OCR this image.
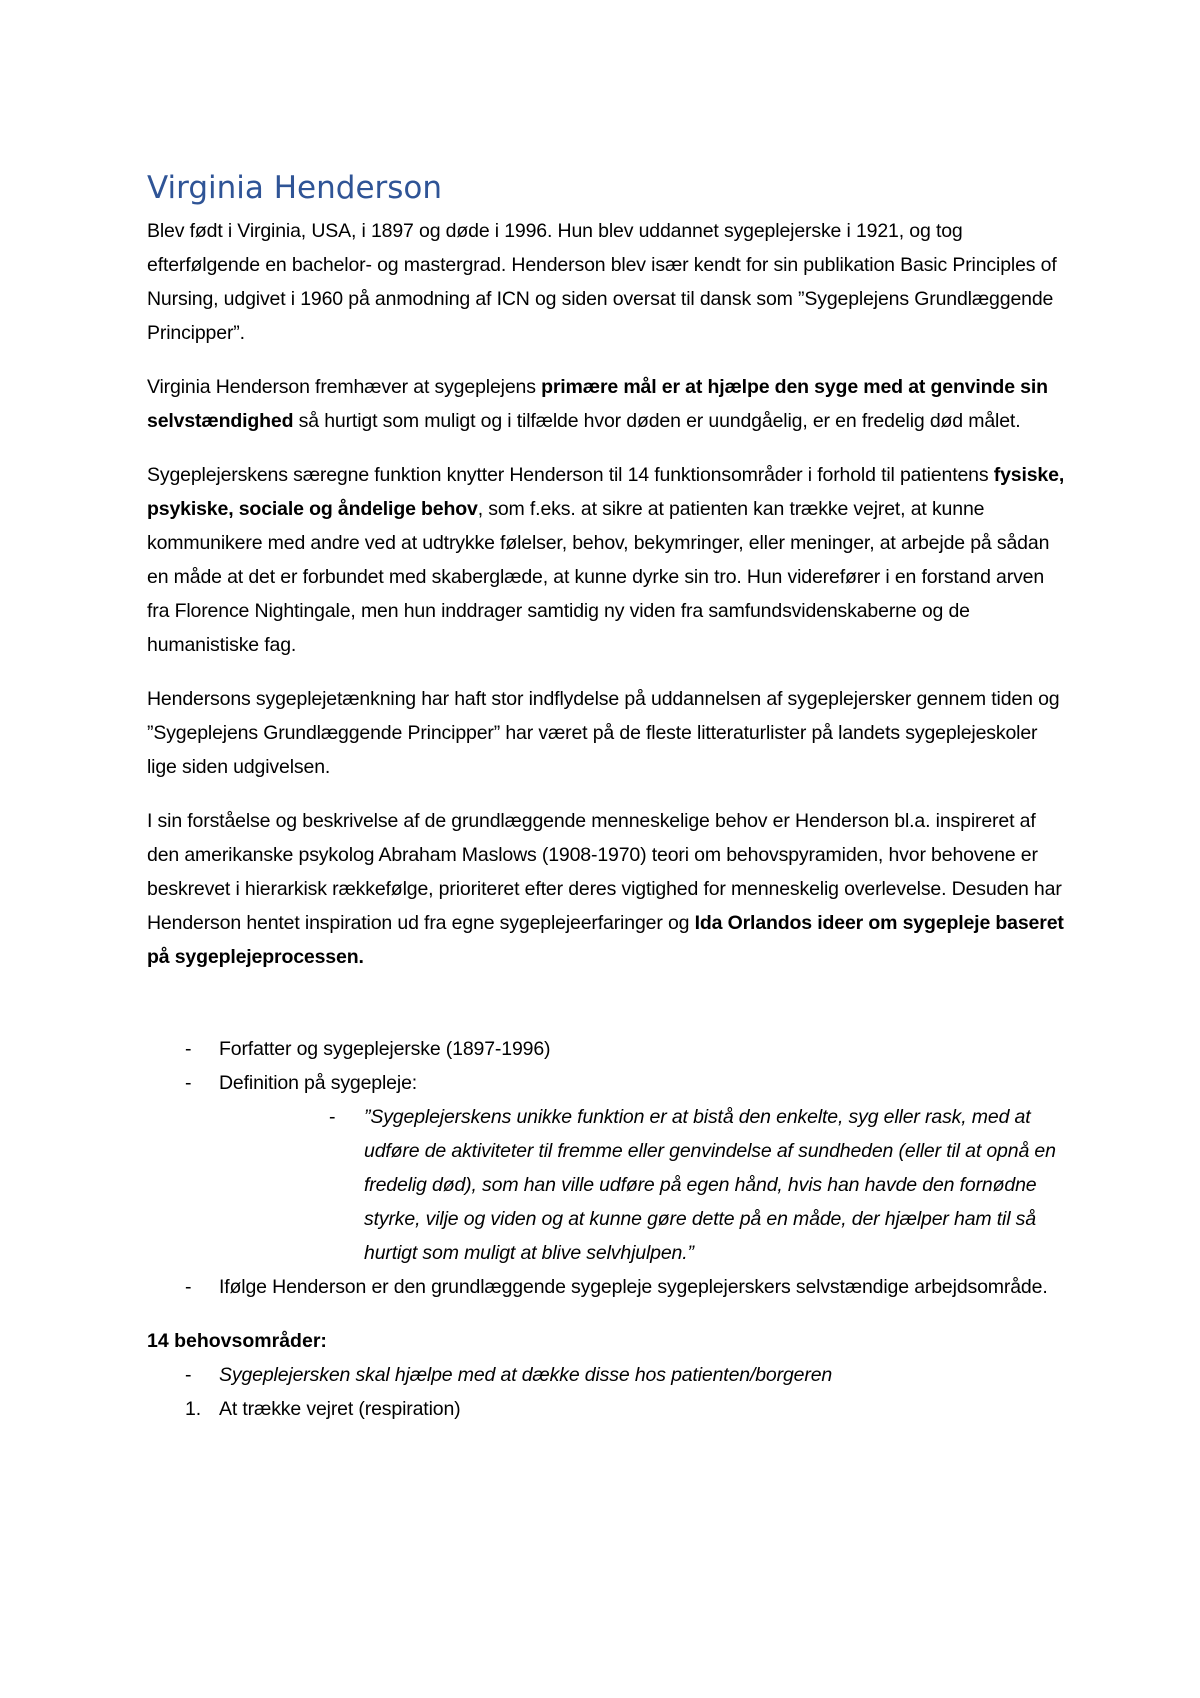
Virginia Henderson

Blev født i Virginia, USA, i 1897 og døde i 1996. Hun blev uddannet sygeplejerske i 1921, og tog efterfølgende en bachelor- og mastergrad. Henderson blev især kendt for sin publikation Basic Principles of Nursing, udgivet i 1960 på anmodning af ICN og siden oversat til dansk som ”Sygeplejens Grundlæggende Principper”.

Virginia Henderson fremhæver at sygeplejens primære mål er at hjælpe den syge med at genvinde sin selvstændighed så hurtigt som muligt og i tilfælde hvor døden er uundgåelig, er en fredelig død målet.

Sygeplejerskens særegne funktion knytter Henderson til 14 funktionsområder i forhold til patientens fysiske, psykiske, sociale og åndelige behov, som f.eks. at sikre at patienten kan trække vejret, at kunne kommunikere med andre ved at udtrykke følelser, behov, bekymringer, eller meninger, at arbejde på sådan en måde at det er forbundet med skaberglæde, at kunne dyrke sin tro. Hun viderefører i en forstand arven fra Florence Nightingale, men hun inddrager samtidig ny viden fra samfundsvidenskaberne og de humanistiske fag.

Hendersons sygeplejetænkning har haft stor indflydelse på uddannelsen af sygeplejersker gennem tiden og ”Sygeplejens Grundlæggende Principper” har været på de fleste litteraturlister på landets sygeplejeskoler lige siden udgivelsen.

I sin forståelse og beskrivelse af de grundlæggende menneskelige behov er Henderson bl.a. inspireret af den amerikanske psykolog Abraham Maslows (1908-1970) teori om behovspyramiden, hvor behovene er beskrevet i hierarkisk rækkefølge, prioriteret efter deres vigtighed for menneskelig overlevelse. Desuden har Henderson hentet inspiration ud fra egne sygeplejeerfaringer og Ida Orlandos ideer om sygepleje baseret på sygeplejeprocessen.

- Forfatter og sygeplejerske (1897-1996)
- Definition på sygepleje:
- ”Sygeplejerskens unikke funktion er at bistå den enkelte, syg eller rask, med at udføre de aktiviteter til fremme eller genvindelse af sundheden (eller til at opnå en fredelig død), som han ville udføre på egen hånd, hvis han havde den fornødne styrke, vilje og viden og at kunne gøre dette på en måde, der hjælper ham til så hurtigt som muligt at blive selvhjulpen.”
- Ifølge Henderson er den grundlæggende sygepleje sygeplejerskers selvstændige arbejdsområde.
14 behovsområder:
- Sygeplejersken skal hjælpe med at dække disse hos patienten/borgeren
1. At trække vejret (respiration)
